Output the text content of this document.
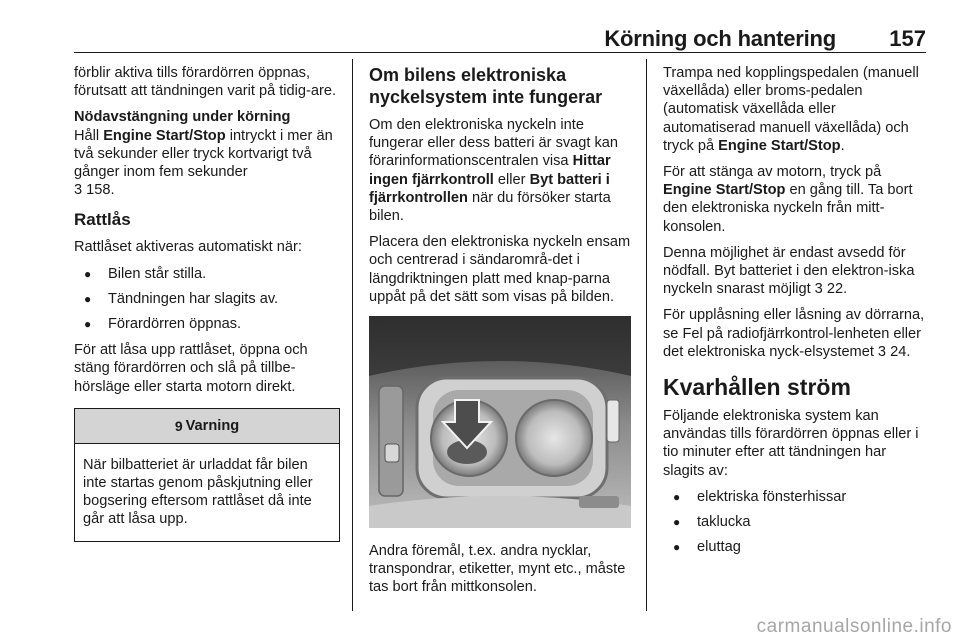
Körning och hantering 157

förblir aktiva tills förardörren öppnas, förutsatt att tändningen varit på tidig-are.

Nödavstängning under körning
Håll Engine Start/Stop intryckt i mer än två sekunder eller tryck kortvarigt två gånger inom fem sekunder
3 158.

Rattlås

Rattlåset aktiveras automatiskt när:

● Bilen står stilla.
● Tändningen har slagits av.
● Förardörren öppnas.

För att låsa upp rattlåset, öppna och stäng förardörren och slå på tillbe-hörsläge eller starta motorn direkt.

9 Varning
När bilbatteriet är urladdat får bilen inte startas genom påskjutning eller bogsering eftersom rattlåset då inte går att låsa upp.
Om bilens elektroniska nyckelsystem inte fungerar

Om den elektroniska nyckeln inte fungerar eller dess batteri är svagt kan förarinformationscentralen visa Hittar ingen fjärrkontroll eller Byt batteri i fjärrkontrollen när du försöker starta bilen.

Placera den elektroniska nyckeln ensam och centrerad i sändarområ-det i längdriktningen platt med knap-parna uppåt på det sätt som visas på bilden.

Andra föremål, t.ex. andra nycklar, transpondrar, etiketter, mynt etc., måste tas bort från mittkonsolen.

Trampa ned kopplingspedalen (manuell växellåda) eller broms-pedalen (automatisk växellåda eller automatiserad manuell växellåda) och tryck på Engine Start/Stop.

För att stänga av motorn, tryck på Engine Start/Stop en gång till. Ta bort den elektroniska nyckeln från mitt-konsolen.

Denna möjlighet är endast avsedd för nödfall. Byt batteriet i den elektron-iska nyckeln snarast möjligt 3 22.

För upplåsning eller låsning av dörrarna, se Fel på radiofjärrkontrol-lenheten eller det elektroniska nyck-elsystemet 3 24.

Kvarhållen ström

Följande elektroniska system kan användas tills förardörren öppnas eller i tio minuter efter att tändningen har slagits av:

● elektriska fönsterhissar
● taklucka
● eluttag
carmanualsonline.info
